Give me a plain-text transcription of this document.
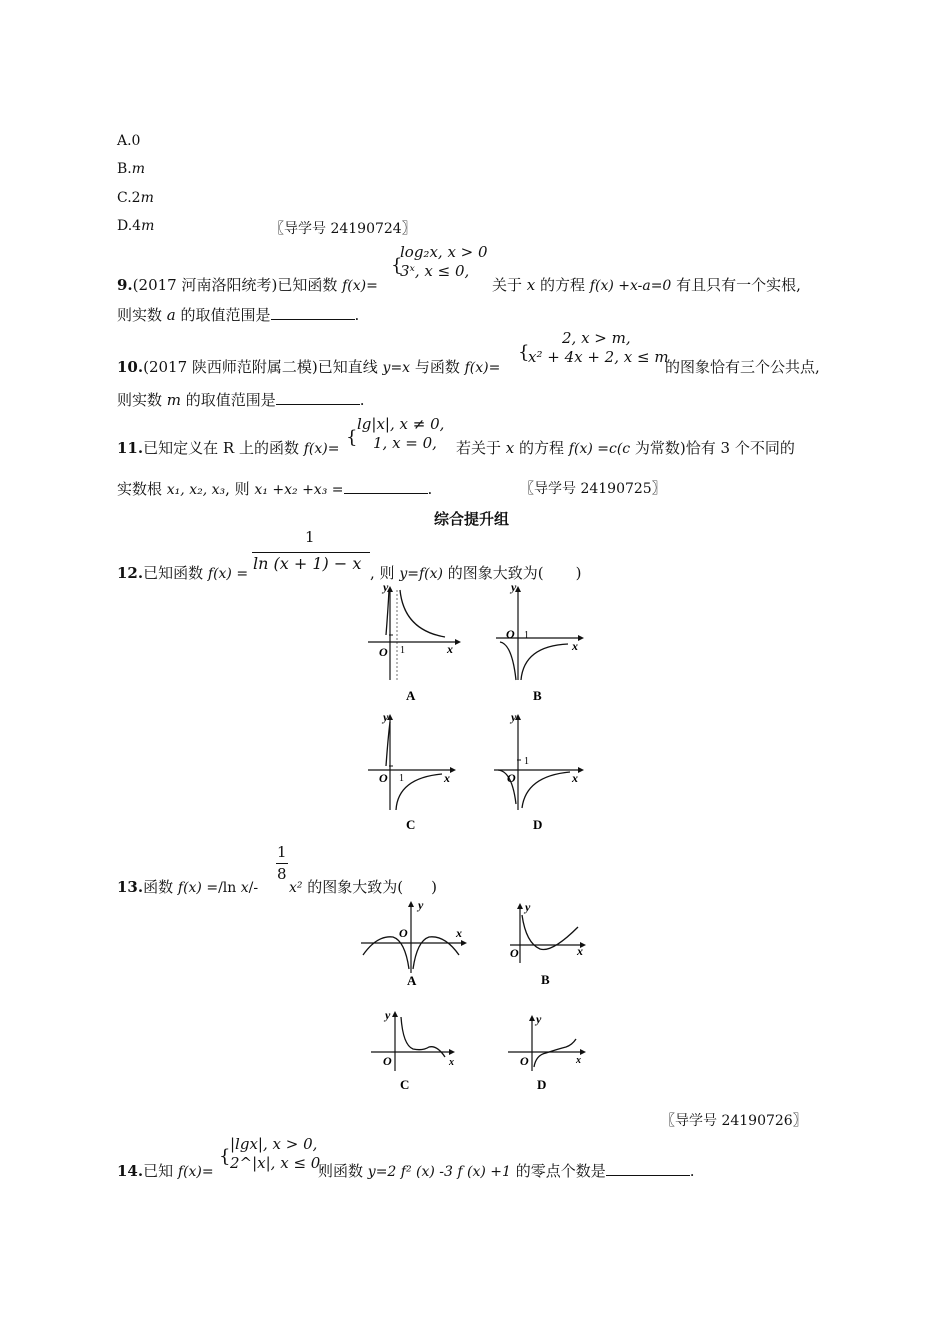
A.0
B.m
C.2m
D.4m	〖导学号 24190724〗
log₂x, x > 0
3ˣ, x ≤ 0,
{
9.(2017 河南洛阳统考)已知函数 f(x)=	关于 x 的方程 f(x) +x-a=0 有且只有一个实根,
则实数 a 的取值范围是	.
2, x > m,
x² + 4x + 2, x ≤ m
{
10.(2017 陕西师范附属二模)已知直线 y=x 与函数 f(x)=	的图象恰有三个公共点,
则实数 m 的取值范围是	.
lg|x|, x ≠ 0,
1, x = 0,
{
11.已知定义在 R 上的函数 f(x)=	若关于 x 的方程 f(x) =c(c 为常数)恰有 3 个不同的
实数根 x₁, x₂, x₃, 则 x₁ +x₂ +x₃ =	.	〖导学号 24190725〗
综合提升组
1
ln (x + 1) − x
12.已知函数 f(x) =	, 则 y=f(x) 的图象大致为( )
y
x
O 1
A
y
x
O 1
B
y
x
O 1
C
y
x
O
1
D
1
8
13.函数 f(x) =/ln x/- x² 的图象大致为( )
y
x
O
A
y
x
O
B
y
x
O
C
y
x
O
D
〖导学号 24190726〗
|lgx|, x > 0,
2^|x|, x ≤ 0,
{
14.已知 f(x)=	则函数 y=2 f² (x) -3 f (x) +1 的零点个数是	.
